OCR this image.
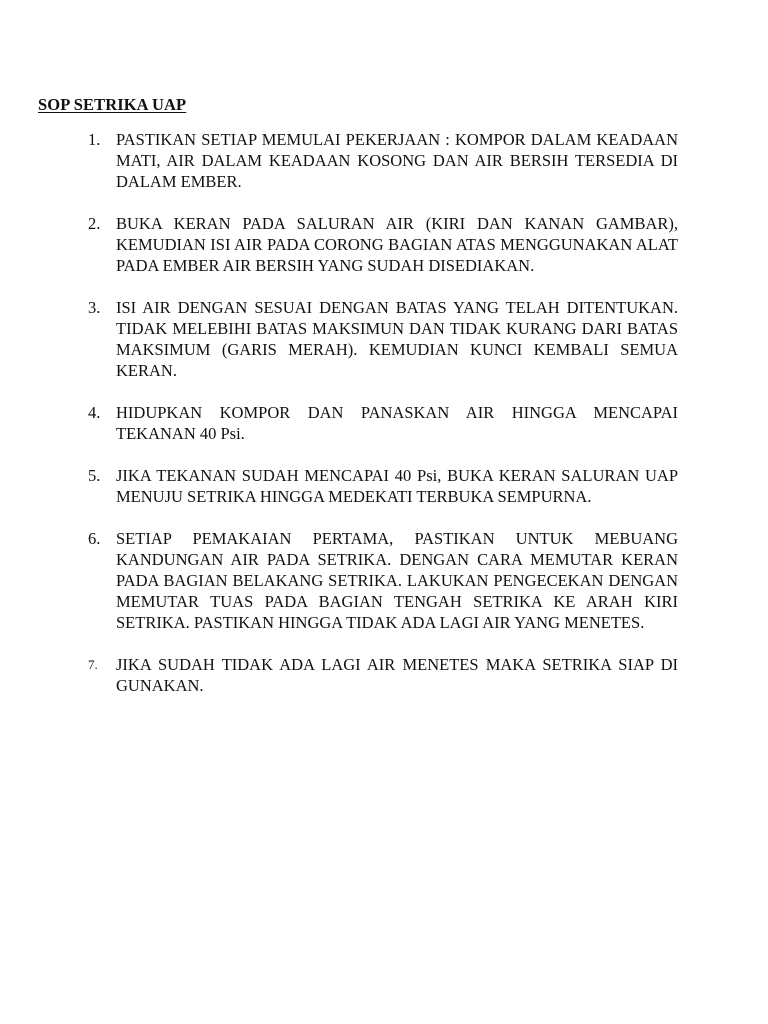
SOP SETRIKA UAP
1. PASTIKAN SETIAP MEMULAI PEKERJAAN : KOMPOR DALAM KEADAAN MATI, AIR DALAM KEADAAN KOSONG DAN AIR BERSIH TERSEDIA DI DALAM EMBER.

2. BUKA KERAN PADA SALURAN AIR (KIRI DAN KANAN GAMBAR), KEMUDIAN ISI AIR PADA CORONG BAGIAN ATAS MENGGUNAKAN ALAT PADA EMBER AIR BERSIH YANG SUDAH DISEDIAKAN.

3. ISI AIR DENGAN SESUAI DENGAN BATAS YANG TELAH DITENTUKAN. TIDAK MELEBIHI BATAS MAKSIMUN DAN TIDAK KURANG DARI BATAS MAKSIMUM (GARIS MERAH). KEMUDIAN KUNCI KEMBALI SEMUA KERAN.

4. HIDUPKAN KOMPOR DAN PANASKAN AIR HINGGA MENCAPAI TEKANAN 40 Psi.

5. JIKA TEKANAN SUDAH MENCAPAI 40 Psi, BUKA KERAN SALURAN UAP MENUJU SETRIKA HINGGA MEDEKATI TERBUKA SEMPURNA.

6. SETIAP PEMAKAIAN PERTAMA, PASTIKAN UNTUK MEBUANG KANDUNGAN AIR PADA SETRIKA. DENGAN CARA MEMUTAR KERAN PADA BAGIAN BELAKANG SETRIKA. LAKUKAN PENGECEKAN DENGAN MEMUTAR TUAS PADA BAGIAN TENGAH SETRIKA KE ARAH KIRI SETRIKA. PASTIKAN HINGGA TIDAK ADA LAGI AIR YANG MENETES.

7.	JIKA SUDAH TIDAK ADA LAGI AIR MENETES MAKA SETRIKA SIAP DI GUNAKAN.
